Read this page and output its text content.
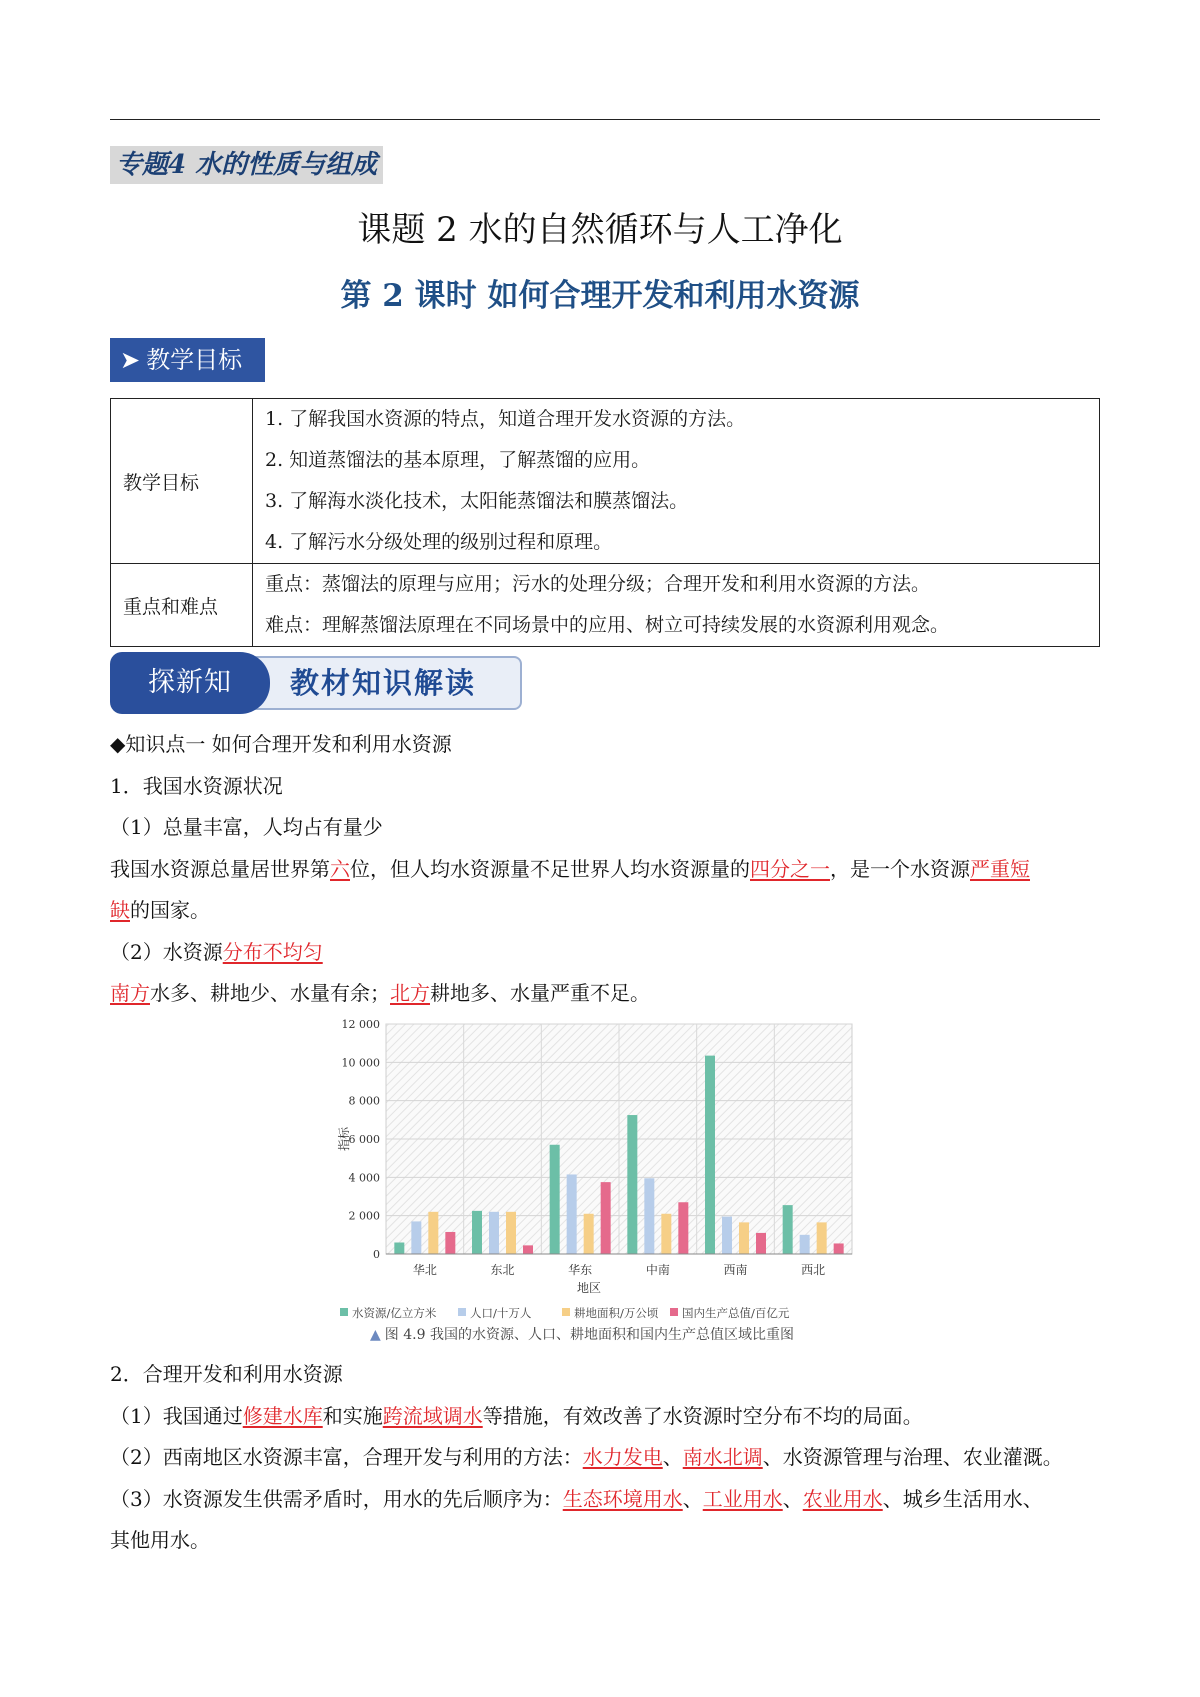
专题4 水的性质与组成
课题 2 水的自然循环与人工净化
第 2 课时 如何合理开发和利用水资源
➤ 教学目标
教学目标	1. 了解我国水资源的特点，知道合理开发水资源的方法。
2. 知道蒸馏法的基本原理，了解蒸馏的应用。
3. 了解海水淡化技术，太阳能蒸馏法和膜蒸馏法。
4. 了解污水分级处理的级别过程和原理。

重点和难点	重点：蒸馏法的原理与应用；污水的处理分级；合理开发和利用水资源的方法。
难点：理解蒸馏法原理在不同场景中的应用、树立可持续发展的水资源利用观念。
探新知	教材知识解读
◆知识点一 如何合理开发和利用水资源
1．我国水资源状况
（1）总量丰富，人均占有量少
我国水资源总量居世界第六位，但人均水资源量不足世界人均水资源量的四分之一，是一个水资源严重短
缺的国家。
（2）水资源分布不均匀
南方水多、耕地少、水量有余；北方耕地多、水量严重不足。
0
2 000
4 000
6 000
8 000
10 000
12 000
指标
华北	东北	华东	中南	西南	西北
地区
水资源/亿立方米	人口/十万人	耕地面积/万公顷 国内生产总值/百亿元
▲ 图 4.9 我国的水资源、人口、耕地面积和国内生产总值区域比重图
2．合理开发和利用水资源
（1）我国通过修建水库和实施跨流域调水等措施，有效改善了水资源时空分布不均的局面。
（2）西南地区水资源丰富，合理开发与利用的方法：水力发电、南水北调、水资源管理与治理、农业灌溉。
（3）水资源发生供需矛盾时，用水的先后顺序为：生态环境用水、工业用水、农业用水、城乡生活用水、
其他用水。
